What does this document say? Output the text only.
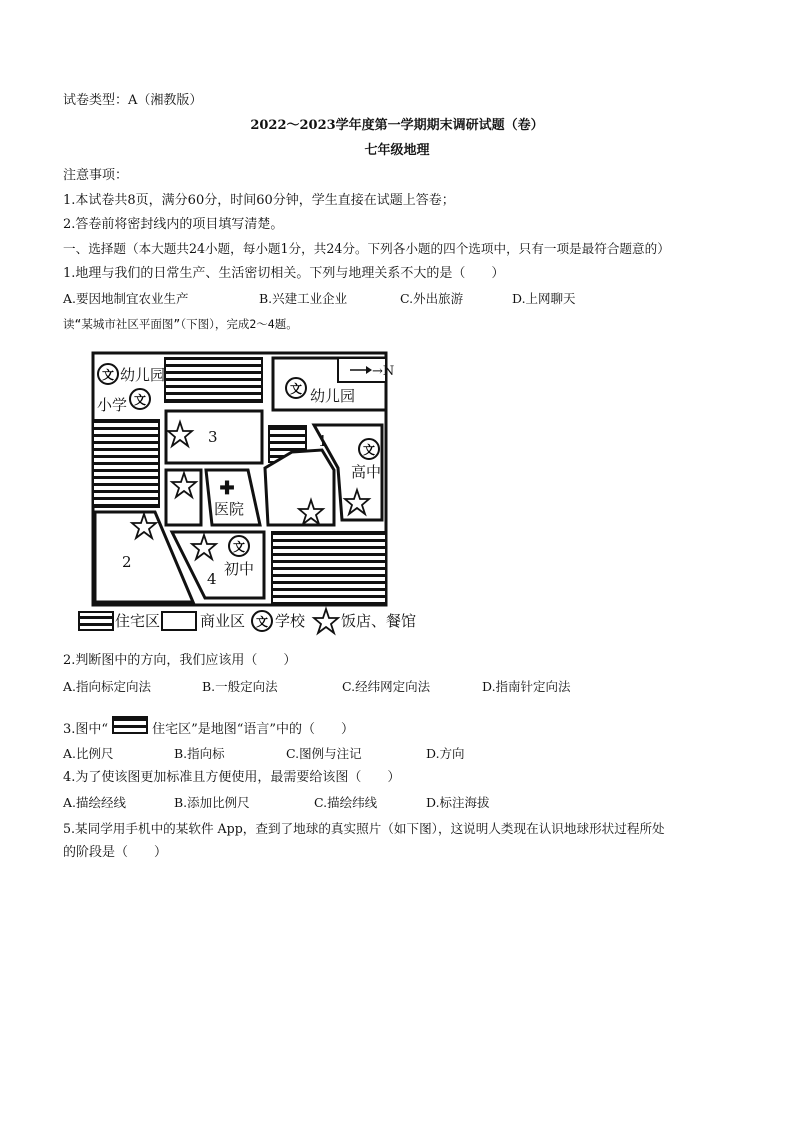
试卷类型：A（湘教版）
2022～2023学年度第一学期期末调研试题（卷）
七年级地理
注意事项：
1.本试卷共8页，满分60分，时间60分钟，学生直接在试题上答卷；
2.答卷前将密封线内的项目填写清楚。
一、选择题（本大题共24小题，每小题1分，共24分。下列各小题的四个选项中，只有一项是最符合题意的）
1.地理与我们的日常生产、生活密切相关。下列与地理关系不大的是（　　）
A.要因地制宜农业生产	B.兴建工业企业	C.外出旅游	D.上网聊天
读“某城市社区平面图”（下图），完成2～4题。
→N
文
文
文
文
文
✚
幼儿园
小学	幼儿园
3	1
高中
医院
2	初中
4
文
住宅区	商业区 学校 饭店、餐馆
2.判断图中的方向，我们应该用（　　）
A.指向标定向法	B.一般定向法	C.经纬网定向法	D.指南针定向法
3.图中“	住宅区”是地图“语言”中的（　　）
A.比例尺	B.指向标	C.图例与注记	D.方向
4.为了使该图更加标准且方便使用，最需要给该图（　　）
A.描绘经线	B.添加比例尺	C.描绘纬线	D.标注海拔
5.某同学用手机中的某软件 App，查到了地球的真实照片（如下图），这说明人类现在认识地球形状过程所处
的阶段是（　　）
